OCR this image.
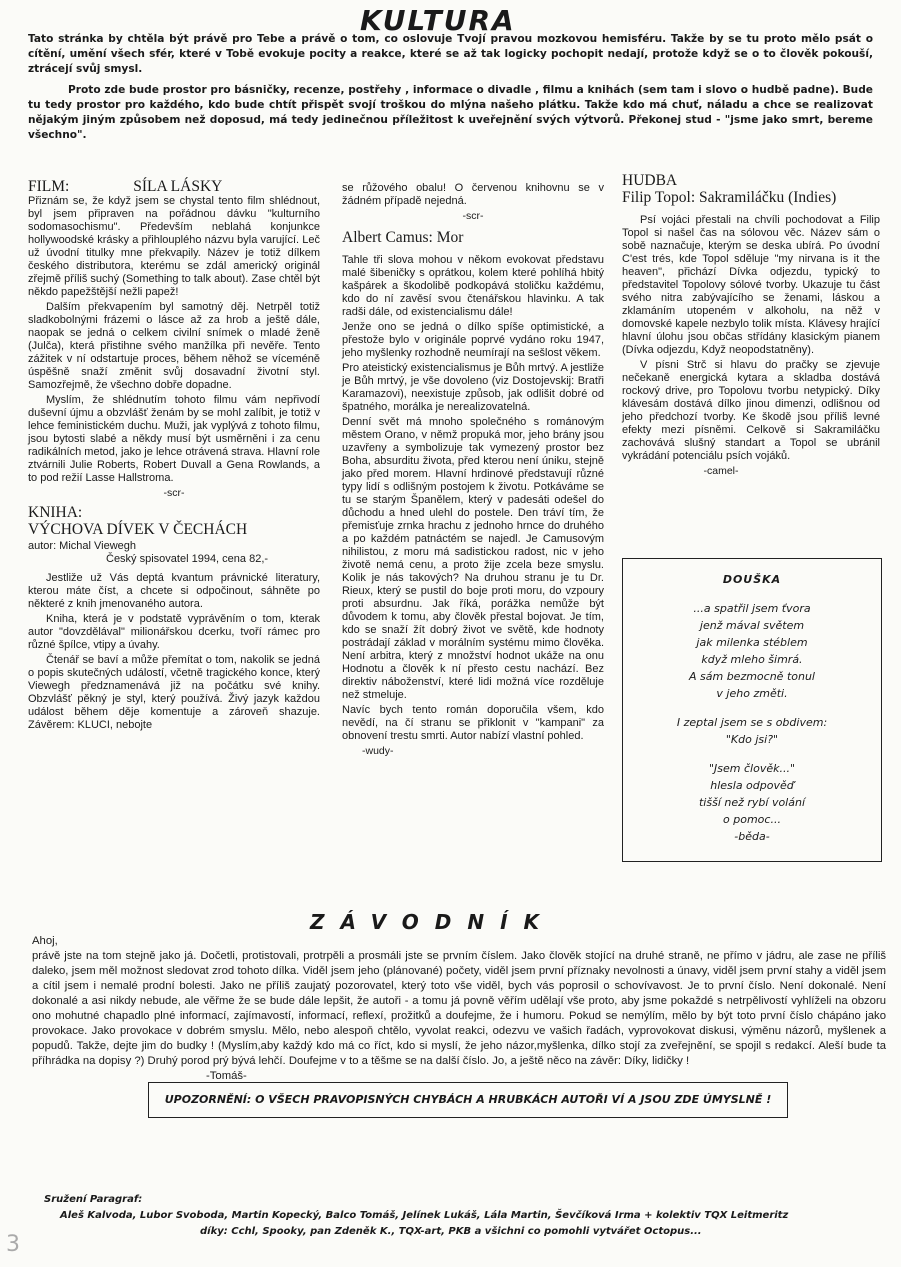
KULTURA

Tato stránka by chtěla být právě pro Tebe a právě o tom, co oslovuje Tvojí pravou mozkovou hemisféru. Takže by se tu proto mělo psát o cítění, umění všech sfér, které v Tobě evokuje pocity a reakce, které se až tak logicky pochopit nedají, protože když se o to člověk pokouší, ztrácejí svůj smysl.

Proto zde bude prostor pro básničky, recenze, postřehy , informace o divadle , filmu a knihách (sem tam i slovo o hudbě padne). Bude tu tedy prostor pro každého, kdo bude chtít přispět svojí troškou do mlýna našeho plátku. Takže kdo má chuť, náladu a chce se realizovat nějakým jiným způsobem než doposud, má tedy jedinečnou příležitost k uveřejnění svých výtvorů. Překonej stud - "jsme jako smrt, bereme všechno".

FILM:	SÍLA LÁSKY

Přiznám se, že když jsem se chystal tento film shlédnout, byl jsem připraven na pořádnou dávku "kulturního sodomasochismu". Především neblahá konjunkce hollywoodské krásky a přihlouplého názvu byla varující. Leč už úvodní titulky mne překvapily. Název je totiž dílkem českého distributora, kterému se zdál americký originál zřejmě příliš suchý (Something to talk about). Zase chtěl být někdo papežštější nežli papež!

Dalším překvapením byl samotný děj. Netrpěl totiž sladkobolnými frázemi o lásce až za hrob a ještě dále, naopak se jedná o celkem civilní snímek o mladé ženě (Julča), která přistihne svého manžílka při nevěře. Tento zážitek v ní odstartuje proces, během něhož se víceméně úspěšně snaží změnit svůj dosavadní životní styl. Samozřejmě, že všechno dobře dopadne.

Myslím, že shlédnutím tohoto filmu vám nepřivodí duševní újmu a obzvlášť ženám by se mohl zalíbit, je totiž v lehce feministickém duchu. Muži, jak vyplývá z tohoto filmu, jsou bytosti slabé a někdy musí být usměrněni i za cenu radikálních metod, jako je lehce otrávená strava. Hlavní role ztvárnili Julie Roberts, Robert Duvall a Gena Rowlands, a to pod režií Lasse Hallstroma.

-scr-
KNIHA:
VÝCHOVA DÍVEK V ČECHÁCH
autor: Michal Viewegh
Český spisovatel 1994, cena 82,-

Jestliže už Vás deptá kvantum právnické literatury, kterou máte číst, a chcete si odpočinout, sáhněte po některé z knih jmenovaného autora.

Kniha, která je v podstatě vyprávěním o tom, kterak autor "dovzdělával" milionářskou dcerku, tvoří rámec pro různé špílce, vtipy a úvahy.

Čtenář se baví a může přemítat o tom, nakolik se jedná o popis skutečných událostí, včetně tragického konce, který Viewegh předznamenává již na počátku své knihy. Obzvlášť pěkný je styl, který používá. Živý jazyk každou událost během děje komentuje a zároveň shazuje. Závěrem: KLUCI, nebojte

se růžového obalu! O červenou knihovnu se v žádném případě nejedná.

-scr-
Albert Camus: Mor

Tahle tři slova mohou v někom evokovat představu malé šibeničky s oprátkou, kolem které pohlíhá hbitý kašpárek a škodolibě podkopává stoličku každému, kdo do ní zavěsí svou čtenářskou hlavinku. A tak radši dále, od existencialismu dále!

Jenže ono se jedná o dílko spíše optimistické, a přestože bylo v originále poprvé vydáno roku 1947, jeho myšlenky rozhodně neumírají na sešlost věkem.

Pro ateistický existencialismus je Bůh mrtvý. A jestliže je Bůh mrtvý, je vše dovoleno (viz Dostojevskij: Bratři Karamazovi), neexistuje způsob, jak odlišit dobré od špatného, morálka je nerealizovatelná.

Denní svět má mnoho společného s románovým městem Orano, v němž propuká mor, jeho brány jsou uzavřeny a symbolizuje tak vymezený prostor bez Boha, absurditu života, před kterou není úniku, stejně jako před morem. Hlavní hrdinové představují různé typy lidí s odlišným postojem k životu. Potkáváme se tu se starým Španělem, který v padesáti odešel do důchodu a hned ulehl do postele. Den tráví tím, že přemisťuje zrnka hrachu z jednoho hrnce do druhého a po každém patnáctém se najedl. Je Camusovým nihilistou, z moru má sadistickou radost, nic v jeho životě nemá cenu, a proto žije zcela beze smyslu. Kolik je nás takových? Na druhou stranu je tu Dr. Rieux, který se pustil do boje proti moru, do vzpoury proti absurdnu. Jak říká, porážka nemůže být důvodem k tomu, aby člověk přestal bojovat. Je tím, kdo se snaží žít dobrý život ve světě, kde hodnoty postrádají základ v morálním systému mimo člověka. Není arbitra, který z množství hodnot ukáže na onu Hodnotu a člověk k ní přesto cestu nachází. Bez direktiv náboženství, které lidi možná více rozděluje než stmeluje.

Navíc bych tento román doporučila všem, kdo nevědí, na čí stranu se přiklonit v "kampani" za obnovení trestu smrti. Autor nabízí vlastní pohled.

-wudy-
HUDBA
Filip Topol: Sakramiláčku (Indies)

Psí vojáci přestali na chvíli pochodovat a Filip Topol si našel čas na sólovou věc. Název sám o sobě naznačuje, kterým se deska ubírá. Po úvodní C'est trés, kde Topol sděluje "my nirvana is it the heaven", přichází Dívka odjezdu, typický to představitel Topolovy sólové tvorby. Ukazuje tu část svého nitra zabývajícího se ženami, láskou a zklamáním utopeném v alkoholu, na něž v domovské kapele nezbylo tolik místa. Klávesy hrající hlavní úlohu jsou občas střídány klasickým pianem (Dívka odjezdu, Když neopodstatněny).

V písni Strč si hlavu do pračky se zjevuje nečekaně energická kytara a skladba dostává rockový drive, pro Topolovu tvorbu netypický. Díky klávesám dostává dílko jinou dimenzi, odlišnou od jeho předchozí tvorby. Ke škodě jsou příliš levné efekty mezi písněmi. Celkově si Sakramiláčku zachovává slušný standart a Topol se ubránil vykrádání potenciálu psích vojáků.

-camel-
DOUŠKA
...a spatřil jsem ťvora
jenž mával světem
jak milenka stéblem
když mleho šimrá.
A sám bezmocně tonul
v jeho změti.
I zeptal jsem se s obdivem:
"Kdo jsi?"
"Jsem člověk..."
hlesla odpověď
tišší než rybí volání
o pomoc...
-běda-
ZÁVODNÍK

Ahoj,

právě jste na tom stejně jako já. Dočetli, protistovali, protrpěli a prosmáli jste se prvním číslem. Jako člověk stojící na druhé straně, ne přímo v jádru, ale zase ne příliš daleko, jsem měl možnost sledovat zrod tohoto dílka. Viděl jsem jeho (plánované) počety, viděl jsem první příznaky nevolnosti a únavy, viděl jsem první stahy a viděl jsem a cítil jsem i nemalé prodní bolesti. Jako ne příliš zaujatý pozorovatel, který toto vše viděl, bych vás poprosil o schovívavost. Je to první číslo. Není dokonalé. Není dokonalé a asi nikdy nebude, ale věřme že se bude dále lepšit, že autoři - a tomu já povně věřím udělají vše proto, aby jsme pokaždé s netrpělivostí vyhlíželi na obzoru ono mohutné chapadlo plné informací, zajímavostí, informací, reflexí, prožitků a doufejme, že i humoru. Pokud se nemýlím, mělo by být toto první číslo chápáno jako provokace. Jako provokace v dobrém smyslu. Mělo, nebo alespoň chtělo, vyvolat reakci, odezvu ve vašich řadách, vyprovokovat diskusi, výměnu názorů, myšlenek a popudů. Takže, dejte jim do budky ! (Myslím,aby každý kdo má co říct, kdo si myslí, že jeho názor,myšlenka, dílko stojí za zveřejnění, se spojil s redakcí. Aleší bude ta příhrádka na dopisy ?) Druhý porod prý bývá lehčí. Doufejme v to a těšme se na další číslo. Jo, a ještě něco na závěr: Díky, lidičky !

-Tomáš-

UPOZORNĚNÍ: O VŠECH PRAVOPISNÝCH CHYBÁCH A HRUBKÁCH AUTOŘI VÍ A JSOU ZDE ÚMYSLNĚ !
Sružení Paragraf:
Aleš Kalvoda, Lubor Svoboda, Martin Kopecký, Balco Tomáš, Jelínek Lukáš, Lála Martin, Ševčíková Irma + kolektiv TQX Leitmeritz
díky: Cchl, Spooky, pan Zdeněk K., TQX-art, PKB a všichni co pomohli vytvářet Octopus...
3
